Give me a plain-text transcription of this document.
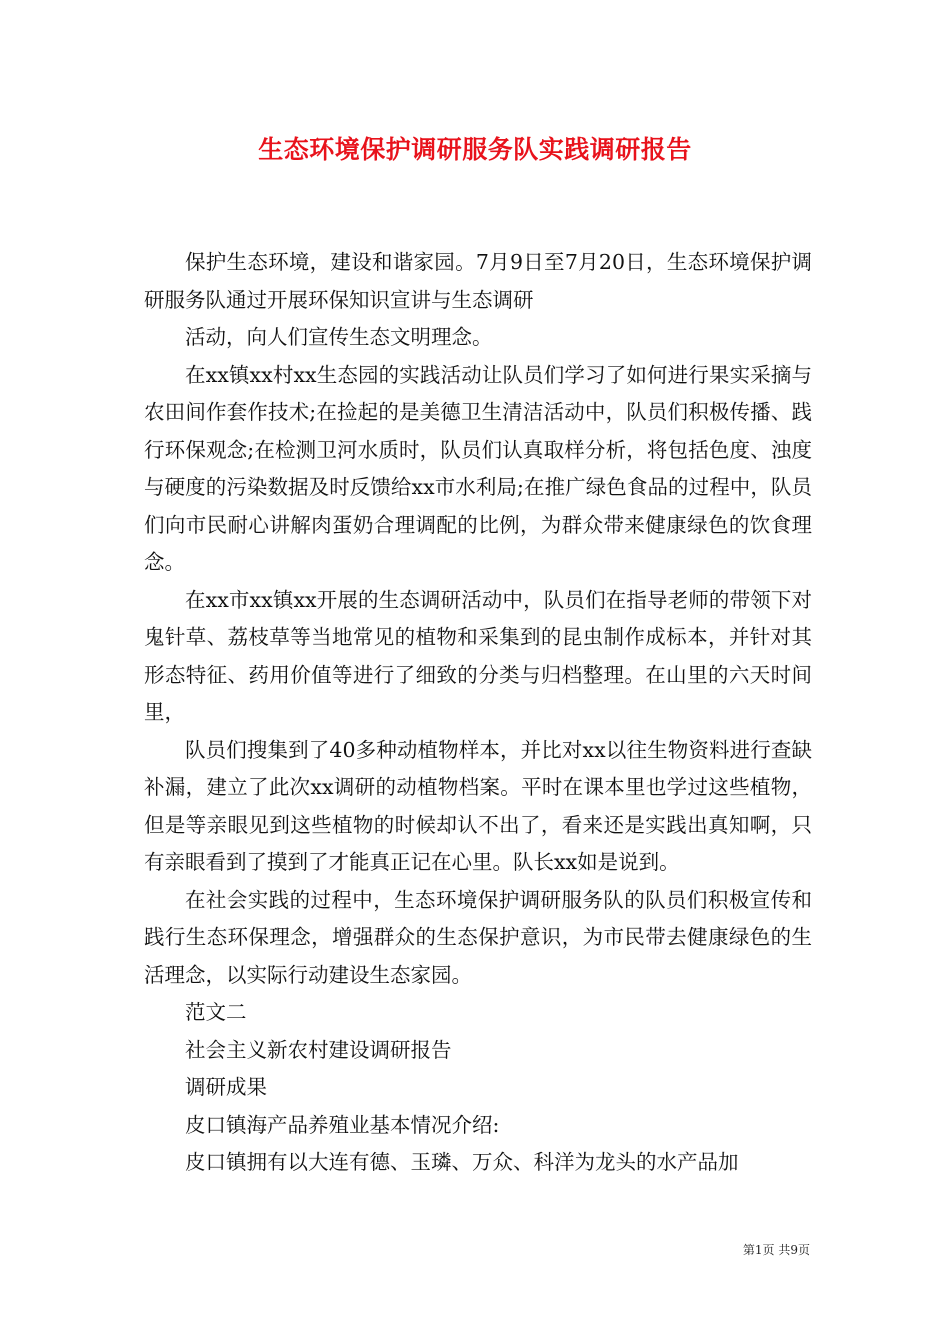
生态环境保护调研服务队实践调研报告

保护生态环境，建设和谐家园。7月9日至7月20日，生态环境保护调研服务队通过开展环保知识宣讲与生态调研

活动，向人们宣传生态文明理念。

在xx镇xx村xx生态园的实践活动让队员们学习了如何进行果实采摘与农田间作套作技术;在捡起的是美德卫生清洁活动中，队员们积极传播、践行环保观念;在检测卫河水质时，队员们认真取样分析，将包括色度、浊度与硬度的污染数据及时反馈给xx市水利局;在推广绿色食品的过程中，队员们向市民耐心讲解肉蛋奶合理调配的比例，为群众带来健康绿色的饮食理念。

在xx市xx镇xx开展的生态调研活动中，队员们在指导老师的带领下对鬼针草、荔枝草等当地常见的植物和采集到的昆虫制作成标本，并针对其形态特征、药用价值等进行了细致的分类与归档整理。在山里的六天时间里，

队员们搜集到了40多种动植物样本，并比对xx以往生物资料进行查缺补漏，建立了此次xx调研的动植物档案。平时在课本里也学过这些植物，但是等亲眼见到这些植物的时候却认不出了，看来还是实践出真知啊，只有亲眼看到了摸到了才能真正记在心里。队长xx如是说到。

在社会实践的过程中，生态环境保护调研服务队的队员们积极宣传和践行生态环保理念，增强群众的生态保护意识，为市民带去健康绿色的生活理念，以实际行动建设生态家园。

范文二

社会主义新农村建设调研报告

调研成果

皮口镇海产品养殖业基本情况介绍:

皮口镇拥有以大连有德、玉璘、万众、科洋为龙头的水产品加

第1页 共9页
